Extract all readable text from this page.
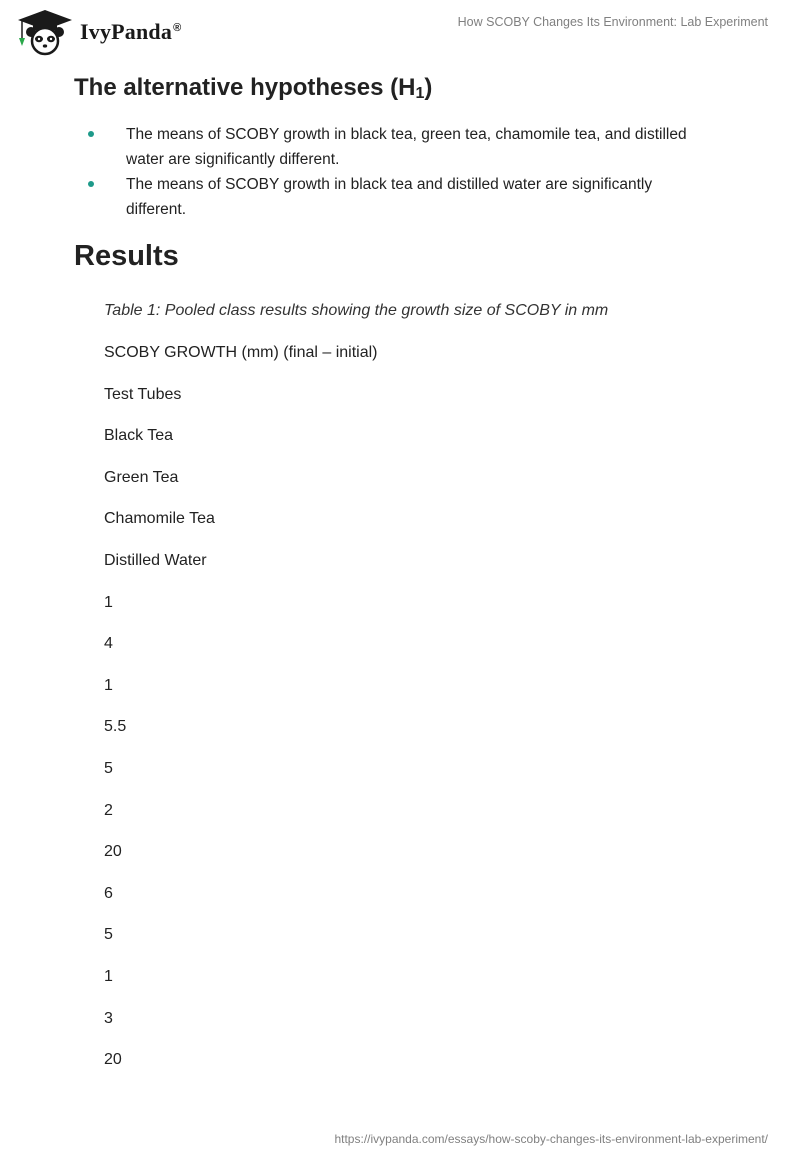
IvyPanda®	How SCOBY Changes Its Environment: Lab Experiment
The alternative hypotheses $(H_1)$
The means of SCOBY growth in black tea, green tea, chamomile tea, and distilled water are significantly different.
The means of SCOBY growth in black tea and distilled water are significantly different.
Results
Table 1: Pooled class results showing the growth size of SCOBY in mm
SCOBY GROWTH (mm) (final – initial)
Test Tubes
Black Tea
Green Tea
Chamomile Tea
Distilled Water
1
4
1
5.5
5
2
20
6
5
1
3
20
https://ivypanda.com/essays/how-scoby-changes-its-environment-lab-experiment/
